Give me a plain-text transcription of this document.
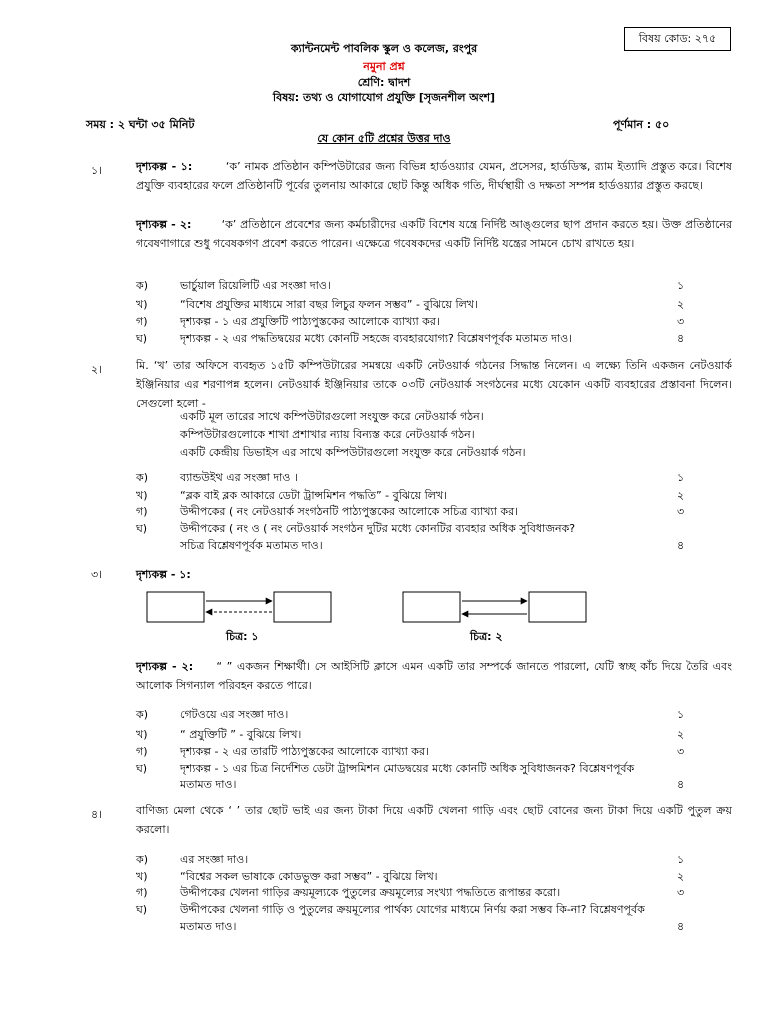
বিষয় কোড: ২৭৫
ক্যান্টনমেন্ট পাবলিক স্কুল ও কলেজ, রংপুর
নমুনা প্রশ্ন
শ্রেণি: দ্বাদশ
বিষয়: তথ্য ও যোগাযোগ প্রযুক্তি [সৃজনশীল অংশ]
সময় : ২ ঘন্টা ৩৫ মিনিট	পূর্ণমান : ৫০
যে কোন ৫টি প্রশ্নের উত্তর দাও
১।	দৃশ্যকল্প - ১:	‘ক’ নামক প্রতিষ্ঠান কম্পিউটারের জন্য বিভিন্ন হার্ডওয়্যার যেমন, প্রসেসর, হার্ডডিস্ক, র‍্যাম ইত্যাদি প্রস্তুত করে। বিশেষ প্রযুক্তি ব্যবহারের ফলে প্রতিষ্ঠানটি পূর্বের তুলনায় আকারে ছোট কিন্তু অধিক গতি, দীর্ঘস্থায়ী ও দক্ষতা সম্পন্ন হার্ডওয়্যার প্রস্তুত করছে।
দৃশ্যকল্প - ২:	‘ক’ প্রতিষ্ঠানে প্রবেশের জন্য কর্মচারীদের একটি বিশেষ যন্ত্রে নির্দিষ্ট আঙ্গুলের ছাপ প্রদান করতে হয়। উক্ত প্রতিষ্ঠানের গবেষণাগারে শুধু গবেষকগণ প্রবেশ করতে পারেন। এক্ষেত্রে গবেষকদের একটি নির্দিষ্ট যন্ত্রের সামনে চোখ রাখতে হয়।
ক)	ভার্চুয়াল রিয়েলিটি এর সংজ্ঞা দাও।	১
খ)	“বিশেষ প্রযুক্তির মাধ্যমে সারা বছর লিচুর ফলন সম্ভব” - বুঝিয়ে লিখ।	২
গ)	দৃশ্যকল্প - ১ এর প্রযুক্তিটি পাঠ্যপুস্তকের আলোকে ব্যাখ্যা কর।	৩
ঘ)	দৃশ্যকল্প - ২ এর পদ্ধতিদ্বয়ের মধ্যে কোনটি সহজে ব্যবহারযোগ্য? বিশ্লেষণপূর্বক মতামত দাও।	৪
২।	মি. ‘খ’ তার অফিসে ব্যবহৃত ১৫টি কম্পিউটারের সমন্বয়ে একটি নেটওয়ার্ক গঠনের সিদ্ধান্ত নিলেন। এ লক্ষ্যে তিনি একজন নেটওয়ার্ক ইঞ্জিনিয়ার এর শরণাপন্ন হলেন। নেটওয়ার্ক ইঞ্জিনিয়ার তাকে ০৩টি নেটওয়ার্ক সংগঠনের মধ্যে যেকোন একটি ব্যবহারের প্রস্তাবনা দিলেন। সেগুলো হলো -
একটি মূল তারের সাথে কম্পিউটারগুলো সংযুক্ত করে নেটওয়ার্ক গঠন।
কম্পিউটারগুলোকে শাখা প্রশাখার ন্যায় বিন্যস্ত করে নেটওয়ার্ক গঠন।
একটি কেন্দ্রীয় ডিভাইস এর সাথে কম্পিউটারগুলো সংযুক্ত করে নেটওয়ার্ক গঠন।
ক)	ব্যান্ডউইথ এর সংজ্ঞা দাও ।	১
খ)	“ব্লক বাই ব্লক আকারে ডেটা ট্রান্সমিশন পদ্ধতি” - বুঝিয়ে লিখ।	২
গ)	উদ্দীপকের ( নং নেটওয়ার্ক সংগঠনটি পাঠ্যপুস্তকের আলোকে সচিত্র ব্যাখ্যা কর।	৩
ঘ)	উদ্দীপকের ( নং ও ( নং নেটওয়ার্ক সংগঠন দুটির মধ্যে কোনটির ব্যবহার অধিক সুবিধাজনক?
সচিত্র বিশ্লেষণপূর্বক মতামত দাও।	৪
৩।	দৃশ্যকল্প - ১:
চিত্র: ১	চিত্র: ২
দৃশ্যকল্প - ২: “ ” একজন শিক্ষার্থী। সে আইসিটি ক্লাসে এমন একটি তার সম্পর্কে জানতে পারলো, যেটি স্বচ্ছ কাঁচ দিয়ে তৈরি এবং আলোক সিগন্যাল পরিবহন করতে পারে।
ক)	গেটওয়ে এর সংজ্ঞা দাও।	১
খ)	“ প্রযুক্তিটি ” - বুঝিয়ে লিখ।	২
গ)	দৃশ্যকল্প - ২ এর তারটি পাঠ্যপুস্তকের আলোকে ব্যাখ্যা কর।	৩
ঘ)	দৃশ্যকল্প - ১ এর চিত্র নির্দেশিত ডেটা ট্রান্সমিশন মোডদ্বয়ের মধ্যে কোনটি অধিক সুবিধাজনক? বিশ্লেষণপূর্বক
মতামত দাও।	৪
৪।	বাণিজ্য মেলা থেকে ‘ ’ তার ছোট ভাই এর জন্য টাকা দিয়ে একটি খেলনা গাড়ি এবং ছোট বোনের জন্য টাকা দিয়ে একটি পুতুল ক্রয় করলো।
ক)	এর সংজ্ঞা দাও।	১
খ)	“বিশ্বের সকল ভাষাকে কোডভুক্ত করা সম্ভব” - বুঝিয়ে লিখ।	২
গ)	উদ্দীপকের খেলনা গাড়ির ক্রয়মূল্যকে পুতুলের ক্রয়মূল্যের সংখ্যা পদ্ধতিতে রূপান্তর করো।	৩
ঘ)	উদ্দীপকের খেলনা গাড়ি ও পুতুলের ক্রয়মূল্যের পার্থক্য যোগের মাধ্যমে নির্ণয় করা সম্ভব কি-না? বিশ্লেষণপূর্বক
মতামত দাও।	৪
